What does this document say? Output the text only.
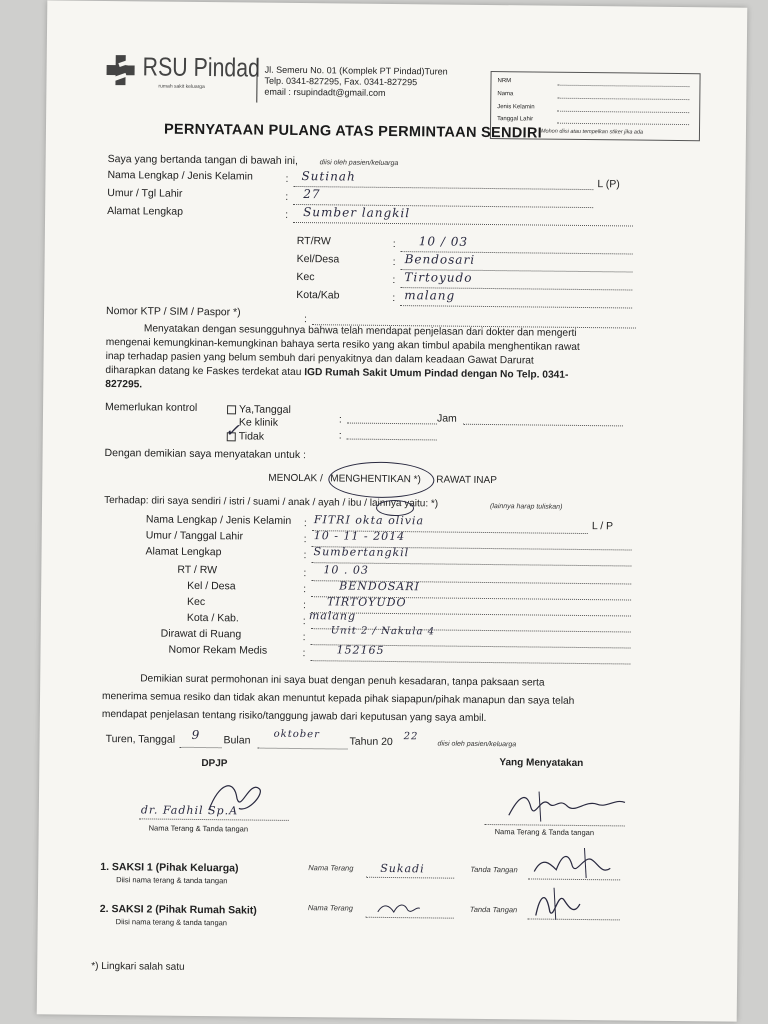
RSU Pindad
rumah sakit keluarga
Jl. Semeru No. 01 (Komplek PT Pindad)Turen
Telp. 0341-827295, Fax. 0341-827295
email : rsupindadt@gmail.com
NRM
Nama
Jenis Kelamin
Tanggal Lahir
Mohon diisi atau tempelkan stiker jika ada
PERNYATAAN PULANG ATAS PERMINTAAN SENDIRI
Saya yang bertanda tangan di bawah ini,	diisi oleh pasien/keluarga
Nama Lengkap / Jenis Kelamin	: Sutinah
L (P)
Umur / Tgl Lahir	: 27
Alamat Lengkap	: Sumber langkil
RT/RW	: 10 / 03
Kel/Desa	: Bendosari
Kec	: Tirtoyudo
Kota/Kab	: malang
Nomor KTP / SIM / Paspor *)
:
Menyatakan dengan sesungguhnya bahwa telah mendapat penjelasan dari dokter dan mengerti
mengenai kemungkinan-kemungkinan bahaya serta resiko yang akan timbul apabila menghentikan rawat
inap terhadap pasien yang belum sembuh dari penyakitnya dan dalam keadaan Gawat Darurat
diharapkan datang ke Faskes terdekat atau IGD Rumah Sakit Umum Pindad dengan No Telp. 0341-
827295.
Memerlukan kontrol	Ya,Tanggal
:	Jam
Ke klinik
:
Tidak
✓
Dengan demikian saya menyatakan untuk :
MENOLAK / MENGHENTIKAN *) RAWAT INAP
Terhadap: diri saya sendiri / istri / suami / anak / ayah / ibu / lainnya yaitu: *)	(lainnya harap tuliskan)
Nama Lengkap / Jenis Kelamin : FITRI okta olivia	L / P
Umur / Tanggal Lahir	: 10 - 11 - 2014
Alamat Lengkap	: Sumbertangkil
RT / RW	: 10 . 03
Kel / Desa	:	BENDOSARI
Kec	: TIRTOYUDO
Kota / Kab.	: malang
Dirawat di Ruang	:	Unit 2 / Nakula 4
Nomor Rekam Medis	:	152165
Demikian surat permohonan ini saya buat dengan penuh kesadaran, tanpa paksaan serta
menerima semua resiko dan tidak akan menuntut kepada pihak siapapun/pihak manapun dan saya telah
mendapat penjelasan tentang risiko/tanggung jawab dari keputusan yang saya ambil.
Turen, Tanggal 9 Bulan oktober
Tahun 20 22
diisi oleh pasien/keluarga
DPJP
dr. Fadhil Sp.A
Nama Terang & Tanda tangan
Yang Menyatakan
Nama Terang & Tanda tangan
1. SAKSI 1 (Pihak Keluarga)
Diisi nama terang & tanda tangan
Nama Terang Sukadi	Tanda Tangan
2. SAKSI 2 (Pihak Rumah Sakit)
Diisi nama terang & tanda tangan
Nama Terang	Tanda Tangan
*) Lingkari salah satu
